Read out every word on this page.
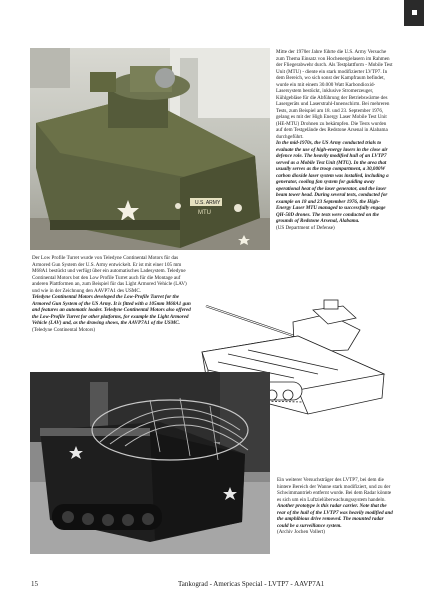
U.S. ARMY
MTU

Mitte der 1970er Jahre führte die U.S. Army Versuche zum Thema Einsatz von Hochenergielasern im Rahmen der Fliegerabwehr durch. Als Testplattform - Mobile Test Unit (MTU) - diente ein stark modifizierter LVTP7. In dem Bereich, wo sich sonst der Kampfraum befindet, wurde ein mit einem 30.000 Watt Karbondioxid-Lasersystem bestückt, inklusive Stromerzeuger, Kühlgebläse für die Abführung der Betriebswärme des Lasergeräts und Laserstrahl-Innenschirm. Bei mehreren Tests, zum Beispiel am 18. und 23. September 1976, gelang es mit der High Energy Laser Mobile Test Unit (HE-MTU) Drohnen zu bekämpfen. Die Tests wurden auf dem Testgelände des Redstone Arsenal in Alabama durchgeführt.

In the mid-1970s, the US Army conducted trials to evaluate the use of high-energy lasers in the close air defence role. The heavily modified hull of an LVTP7 served as a Mobile Test Unit (MTU). In the area that usually serves as the troop compartment, a 30,000W carbon dioxide laser system was installed, including a generator, cooling fan system for guiding away operational heat of the laser generator, and the laser beam tower head. During several tests, conducted for example on 18 and 23 September 1976, the High-Energy Laser MTU managed to successfully engage QH-50D drones. The tests were conducted on the grounds of Redstone Arsenal, Alabama.

(US Department of Defense)

Der Low Profile Turret wurde von Teledyne Continental Motors für das Armored Gun System der U.S. Army entwickelt. Er ist mit einer 105 mm M68A1 bestückt und verfügt über ein automatisches Ladesystem. Teledyne Continental Motors bot den Low Profile Turret auch für die Montage auf anderen Plattformen an, zum Beispiel für das Light Armored Vehicle (LAV) und wie in der Zeichnung den AAVP7A1 des USMC.

Teledyne Continental Motors developed the Low-Profile Turret for the Armored Gun System of the US Army. It is fitted with a 105mm M68A1 gun and features an automatic loader. Teledyne Continental Motors also offered the Low-Profile Turret for other platforms, for example the Light Armored Vehicle (LAV) and, as the drawing shows, the AAVP7A1 of the USMC.

(Teledyne Continental Motors)

Ein weiterer Versuchsträger des LVTP7, bei dem die hintere Bereich der Wanne stark modifiziert, und zu der Schwimmantrieb entfernt wurde. Bei dem Radar könnte es sich um ein Luftzielüberwachungssystem handeln.

Another prototype is this radar carrier. Note that the rear of the hull of the LVTP7 was heavily modified and the amphibious drive removed. The mounted radar could be a surveillance system.

(Archiv Jochen Vollert)

15	Tankograd - Americas Special - LVTP7 - AAVP7A1
